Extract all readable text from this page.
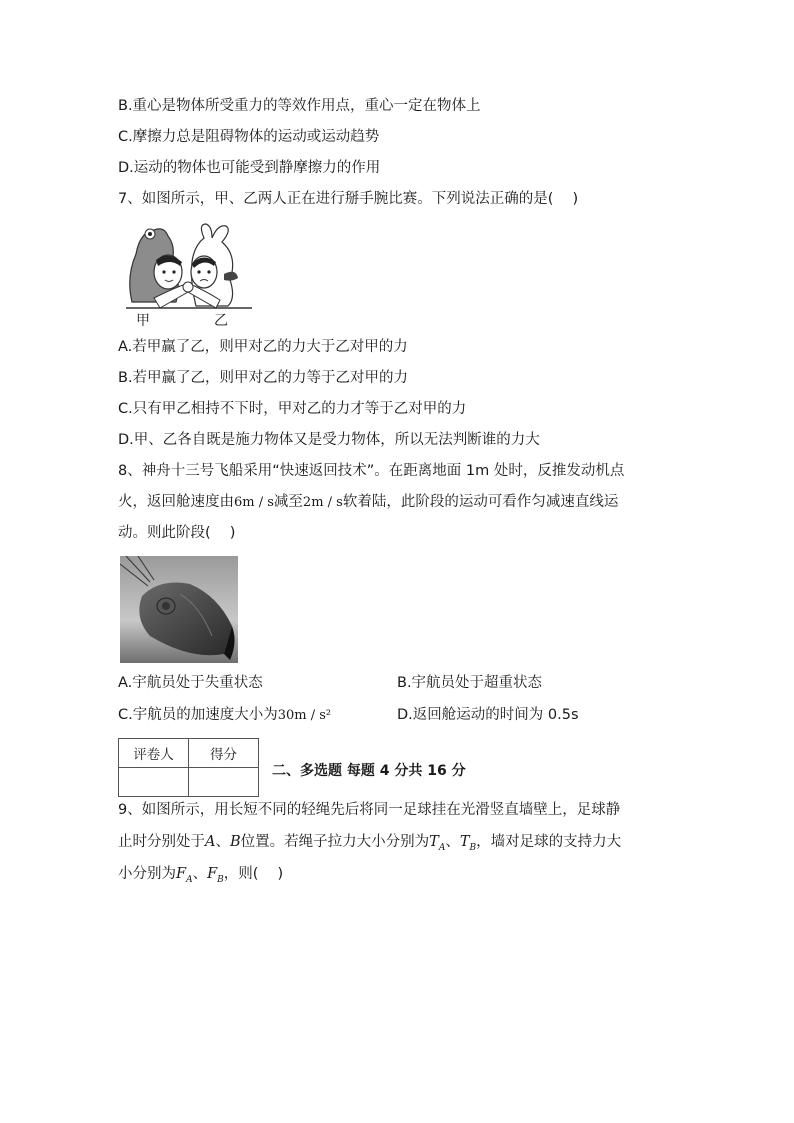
B.重心是物体所受重力的等效作用点，重心一定在物体上
C.摩擦力总是阻碍物体的运动或运动趋势
D.运动的物体也可能受到静摩擦力的作用
7、如图所示，甲、乙两人正在进行掰手腕比赛。下列说法正确的是(　 )
甲	乙
A.若甲赢了乙，则甲对乙的力大于乙对甲的力
B.若甲赢了乙，则甲对乙的力等于乙对甲的力
C.只有甲乙相持不下时，甲对乙的力才等于乙对甲的力
D.甲、乙各自既是施力物体又是受力物体，所以无法判断谁的力大
8、神舟十三号飞船采用“快速返回技术”。在距离地面 1m 处时，反推发动机点
火，返回舱速度由6m / s减至2m / s软着陆，此阶段的运动可看作匀减速直线运
动。则此阶段(　 )
A.宇航员处于失重状态	B.宇航员处于超重状态
C.宇航员的加速度大小为30m / s²	D.返回舱运动的时间为 0.5s
评卷人	得分

二、多选题 每题 4 分共 16 分
9、如图所示，用长短不同的轻绳先后将同一足球挂在光滑竖直墙壁上，足球静
止时分别处于A、B位置。若绳子拉力大小分别为$T_A$、$T_B$，墙对足球的支持力大
小分别为$F_A$、$F_B$，则(　 )
